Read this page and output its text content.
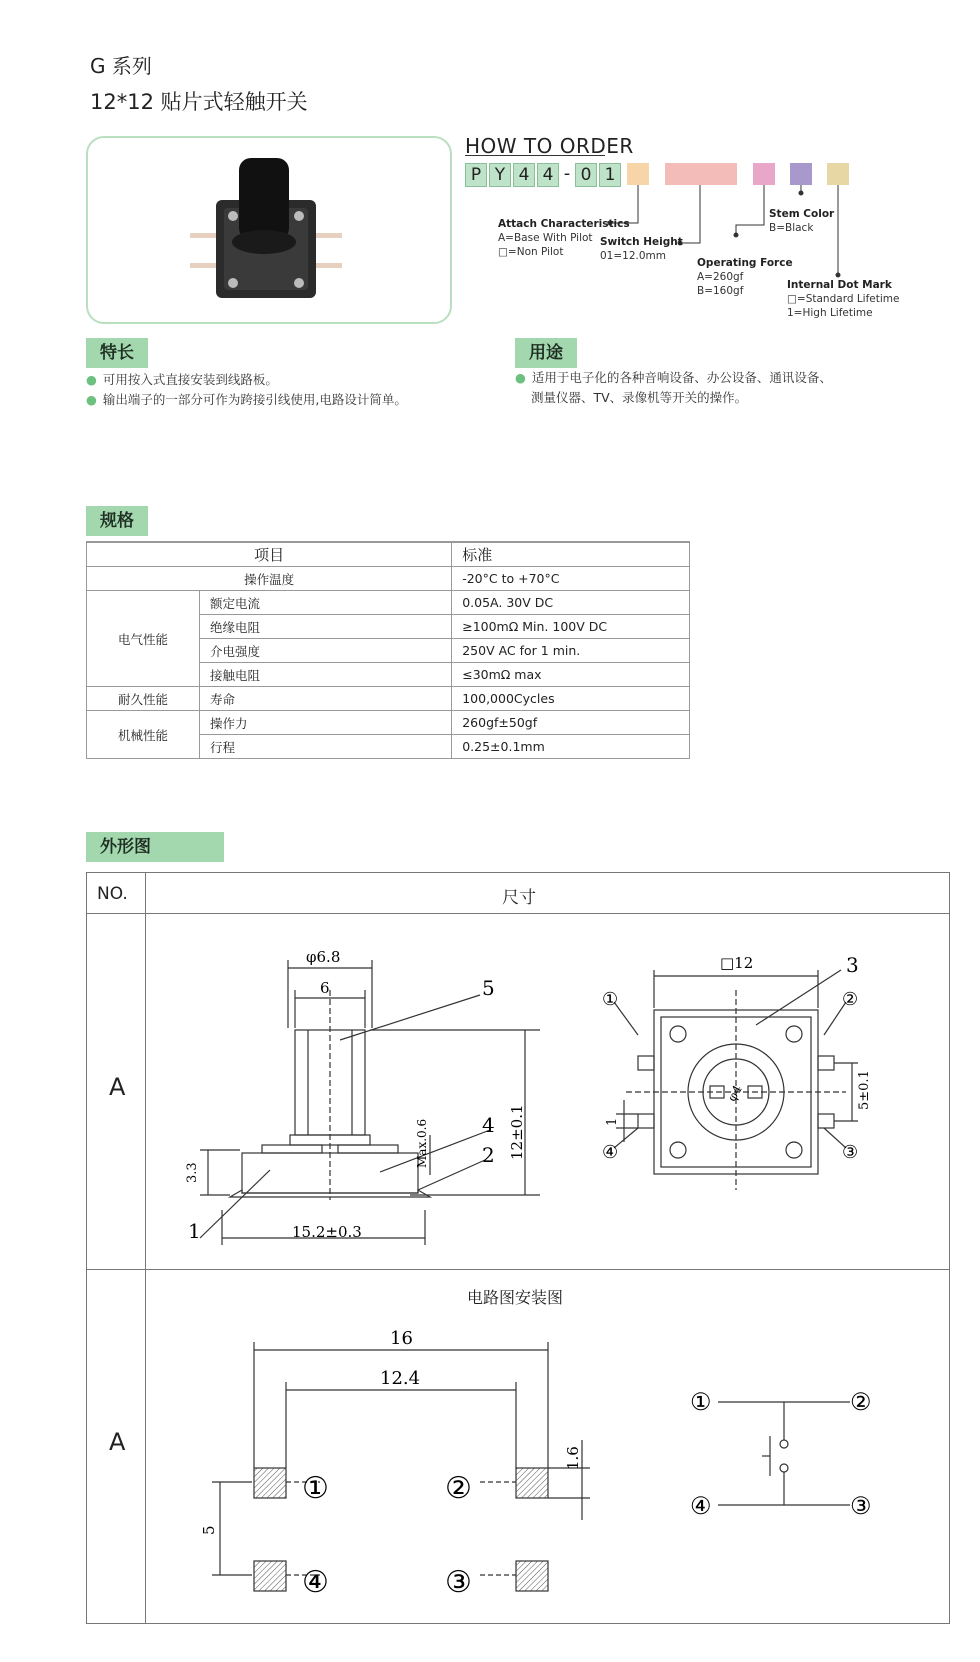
G 系列
12*12 贴片式轻触开关
HOW TO ORDER
P Y 4 4 - 0 1
Attach Characteristics
A=Base With Pilot
□=Non Pilot
Switch Height
01=12.0mm
Operating Force
A=260gf
B=160gf
Stem Color
B=Black
Internal Dot Mark
□=Standard Lifetime
1=High Lifetime
特长
● 可用按入式直接安装到线路板。
● 输出端子的一部分可作为跨接引线使用,电路设计简单。
用途
● 适用于电子化的各种音响设备、办公设备、通讯设备、
测量仪器、TV、录像机等开关的操作。
规格
项目		标准
操作温度		-20°C to +70°C
电气性能	额定电流	0.05A. 30V DC
	绝缘电阻	≥100mΩ Min. 100V DC
	介电强度	250V AC for 1 min.
	接触电阻	≤30mΩ max
耐久性能	寿命	100,000Cycles
机械性能	操作力	260gf±50gf
	行程	0.25±0.1mm
外形图
NO.	尺寸
A
A
电路图安装图
φ6.8
6	5
Max.0.6	4
2 12±0.1
3.3
1	15.2±0.3
□12	3
①	②
③
④
φ4	5±0.1
1
16
12.4
1.6
5
①	②
③
④
①	②
③
④
